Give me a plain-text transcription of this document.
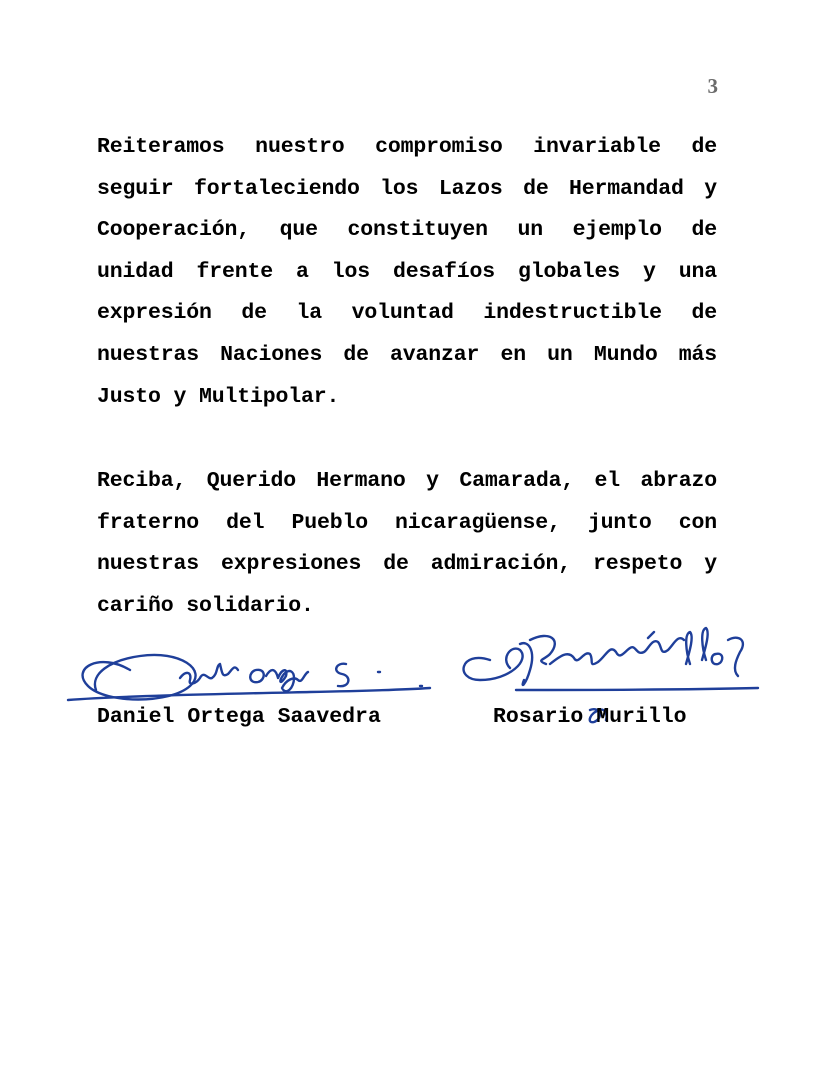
3

Reiteramos nuestro compromiso invariable de seguir fortaleciendo los Lazos de Hermandad y Cooperación, que constituyen un ejemplo de unidad frente a los desafíos globales y una expresión de la voluntad indestructible de nuestras Naciones de avanzar en un Mundo más Justo y Multipolar.

Reciba, Querido Hermano y Camarada, el abrazo fraterno del Pueblo nicaragüense, junto con nuestras expresiones de admiración, respeto y cariño solidario.

Daniel Ortega Saavedra	Rosario Murillo
